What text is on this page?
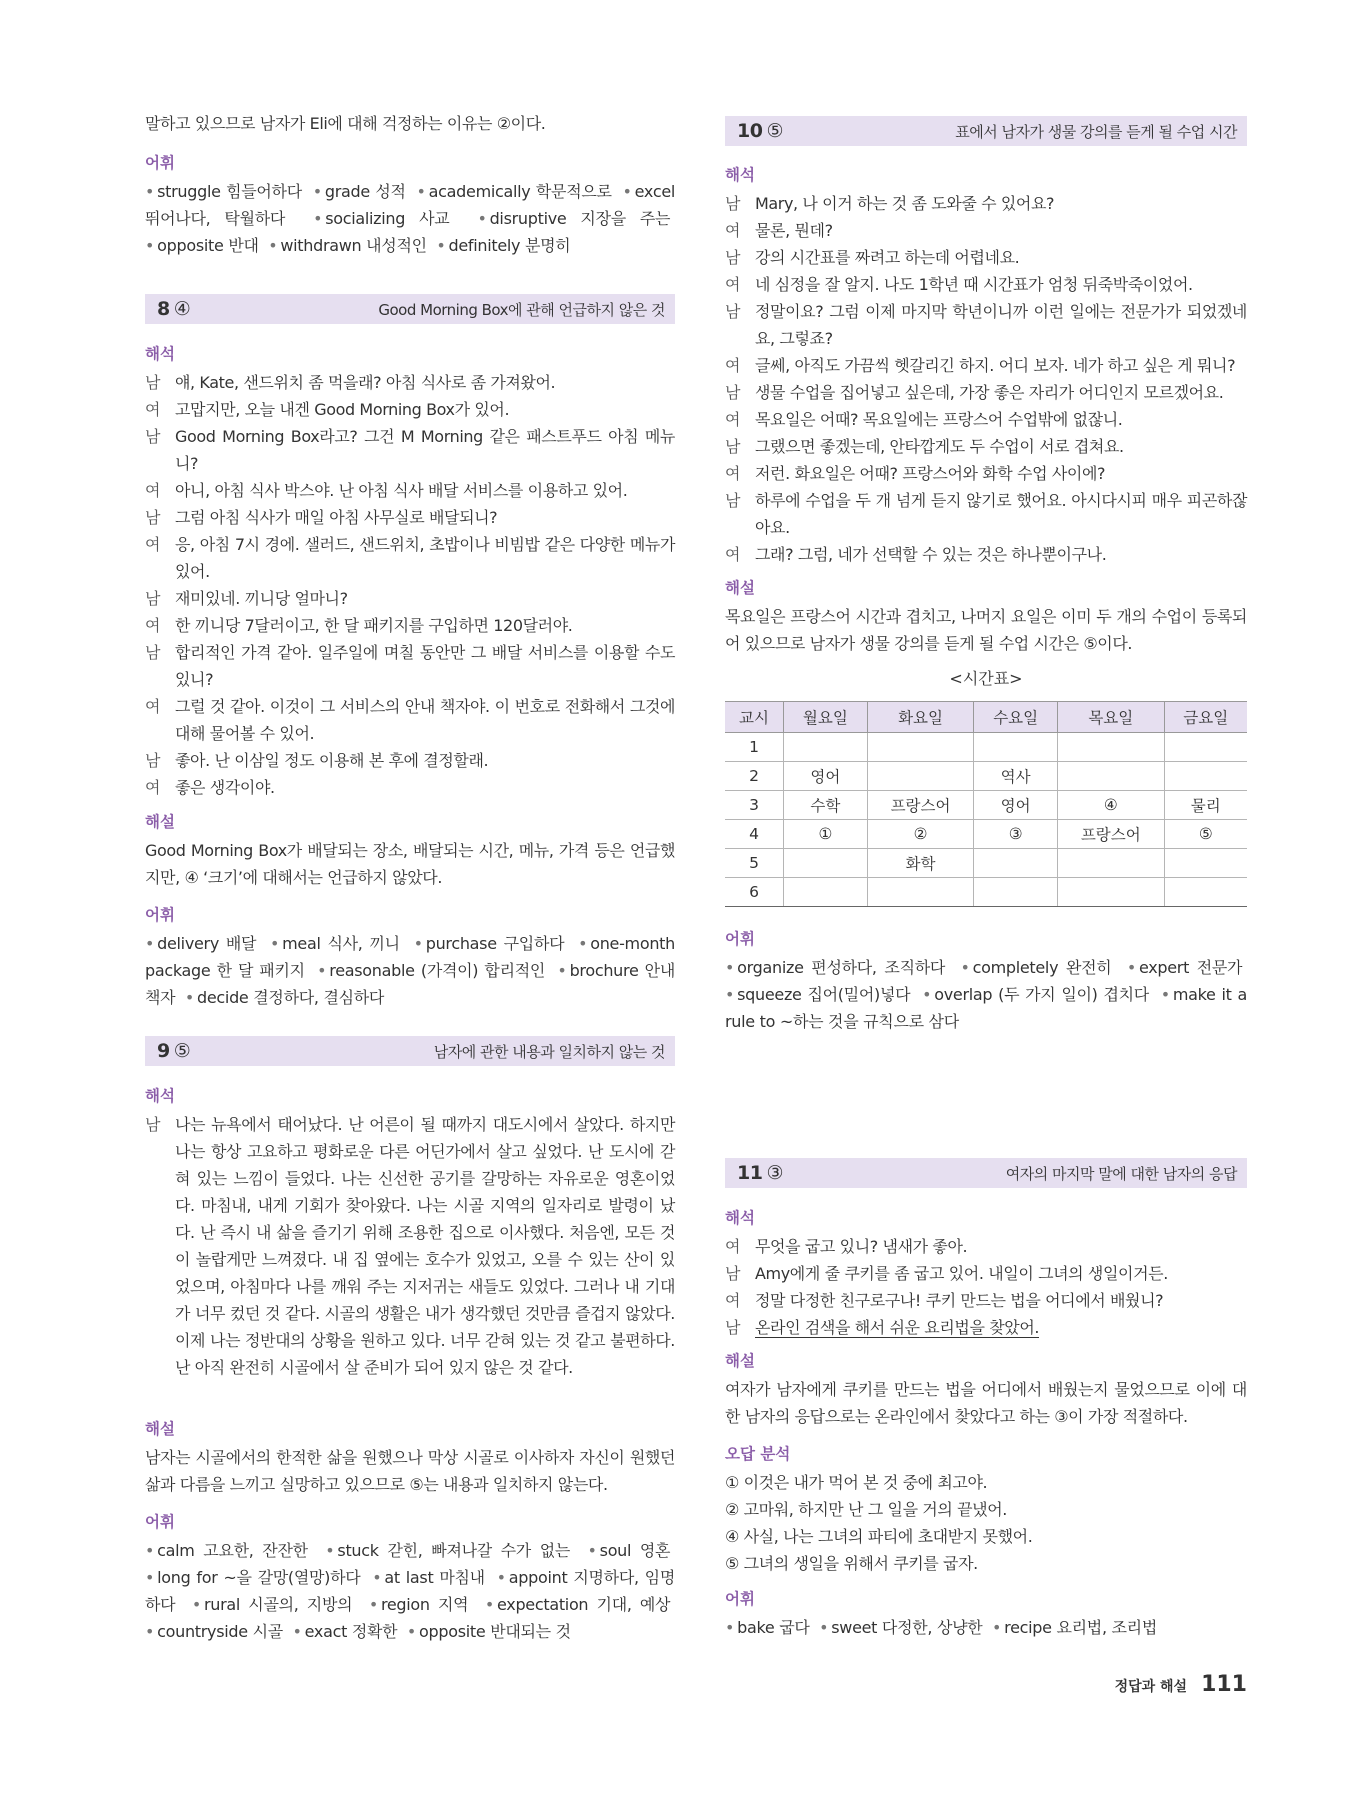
말하고 있으므로 남자가 Eli에 대해 걱정하는 이유는 ②이다.

어휘

• struggle 힘들어하다 • grade 성적 • academically 학문적으로 • excel 뛰어나다, 탁월하다	• socializing 사교	• disruptive 지장을 주는  • opposite 반대 • withdrawn 내성적인 • definitely 분명히

8 ④	Good Morning Box에 관해 언급하지 않은 것

해석

남 얘, Kate, 샌드위치 좀 먹을래? 아침 식사로 좀 가져왔어.
여 고맙지만, 오늘 내겐 Good Morning Box가 있어.
남 Good Morning Box라고? 그건 M Morning 같은 패스트푸드 아침 메뉴니?
여 아니, 아침 식사 박스야. 난 아침 식사 배달 서비스를 이용하고 있어.
남 그럼 아침 식사가 매일 아침 사무실로 배달되니?
여 응, 아침 7시 경에. 샐러드, 샌드위치, 초밥이나 비빔밥 같은 다양한 메뉴가 있어.
남 재미있네. 끼니당 얼마니?
여 한 끼니당 7달러이고, 한 달 패키지를 구입하면 120달러야.
남 합리적인 가격 같아. 일주일에 며칠 동안만 그 배달 서비스를 이용할 수도 있니?
여 그럴 것 같아. 이것이 그 서비스의 안내 책자야. 이 번호로 전화해서 그것에 대해 물어볼 수 있어.
남 좋아. 난 이삼일 정도 이용해 본 후에 결정할래.
여 좋은 생각이야.

해설

Good Morning Box가 배달되는 장소, 배달되는 시간, 메뉴, 가격 등은 언급했지만, ④ ‘크기’에 대해서는 언급하지 않았다.

어휘

• delivery 배달 • meal 식사, 끼니 • purchase 구입하다 • one-month package 한 달 패키지 • reasonable (가격이) 합리적인 • brochure 안내 책자 • decide 결정하다, 결심하다

9 ⑤	남자에 관한 내용과 일치하지 않는 것

해석

남 나는 뉴욕에서 태어났다. 난 어른이 될 때까지 대도시에서 살았다. 하지만 나는 항상 고요하고 평화로운 다른 어딘가에서 살고 싶었다. 난 도시에 갇혀 있는 느낌이 들었다. 나는 신선한 공기를 갈망하는 자유로운 영혼이었다. 마침내, 내게 기회가 찾아왔다. 나는 시골 지역의 일자리로 발령이 났다. 난 즉시 내 삶을 즐기기 위해 조용한 집으로 이사했다. 처음엔, 모든 것이 놀랍게만 느껴졌다. 내 집 옆에는 호수가 있었고, 오를 수 있는 산이 있었으며, 아침마다 나를 깨워 주는 지저귀는 새들도 있었다. 그러나 내 기대가 너무 컸던 것 같다. 시골의 생활은 내가 생각했던 것만큼 즐겁지 않았다. 이제 나는 정반대의 상황을 원하고 있다. 너무 갇혀 있는 것 같고 불편하다. 난 아직 완전히 시골에서 살 준비가 되어 있지 않은 것 같다.

해설

남자는 시골에서의 한적한 삶을 원했으나 막상 시골로 이사하자 자신이 원했던 삶과 다름을 느끼고 실망하고 있으므로 ⑤는 내용과 일치하지 않는다.

어휘

• calm 고요한, 잔잔한 • stuck 갇힌, 빠져나갈 수가 없는 • soul 영혼  • long for ~을 갈망(열망)하다 • at last 마침내 • appoint 지명하다, 임명하다 • rural 시골의, 지방의 • region 지역 • expectation 기대, 예상  • countryside 시골 • exact 정확한 • opposite 반대되는 것

10 ⑤	표에서 남자가 생물 강의를 듣게 될 수업 시간

해석

남 Mary, 나 이거 하는 것 좀 도와줄 수 있어요?
여 물론, 뭔데?
남 강의 시간표를 짜려고 하는데 어렵네요.
여 네 심정을 잘 알지. 나도 1학년 때 시간표가 엄청 뒤죽박죽이었어.
남 정말이요? 그럼 이제 마지막 학년이니까 이런 일에는 전문가가 되었겠네요, 그렇죠?
여 글쎄, 아직도 가끔씩 헷갈리긴 하지. 어디 보자. 네가 하고 싶은 게 뭐니?
남 생물 수업을 집어넣고 싶은데, 가장 좋은 자리가 어디인지 모르겠어요.
여 목요일은 어때? 목요일에는 프랑스어 수업밖에 없잖니.
남 그랬으면 좋겠는데, 안타깝게도 두 수업이 서로 겹쳐요.
여 저런. 화요일은 어때? 프랑스어와 화학 수업 사이에?
남 하루에 수업을 두 개 넘게 듣지 않기로 했어요. 아시다시피 매우 피곤하잖아요.
여 그래? 그럼, 네가 선택할 수 있는 것은 하나뿐이구나.

해설

목요일은 프랑스어 시간과 겹치고, 나머지 요일은 이미 두 개의 수업이 등록되어 있으므로 남자가 생물 강의를 듣게 될 수업 시간은 ⑤이다.

<시간표>

교시	월요일	화요일	수요일	목요일	금요일
1					
2	영어		역사		
3	수학	프랑스어	영어	④	물리
4	①	②	③	프랑스어	⑤
5		화학			
6					

어휘

• organize 편성하다, 조직하다 • completely 완전히 • expert 전문가  • squeeze 집어(밀어)넣다 • overlap (두 가지 일이) 겹치다 • make it a rule to ~하는 것을 규칙으로 삼다

11 ③	여자의 마지막 말에 대한 남자의 응답

해석

여 무엇을 굽고 있니? 냄새가 좋아.
남 Amy에게 줄 쿠키를 좀 굽고 있어. 내일이 그녀의 생일이거든.
여 정말 다정한 친구로구나! 쿠키 만드는 법을 어디에서 배웠니?
남 온라인 검색을 해서 쉬운 요리법을 찾았어.

해설

여자가 남자에게 쿠키를 만드는 법을 어디에서 배웠는지 물었으므로 이에 대한 남자의 응답으로는 온라인에서 찾았다고 하는 ③이 가장 적절하다.

오답 분석

① 이것은 내가 먹어 본 것 중에 최고야.

② 고마워, 하지만 난 그 일을 거의 끝냈어.

④ 사실, 나는 그녀의 파티에 초대받지 못했어.

⑤ 그녀의 생일을 위해서 쿠키를 굽자.

어휘

• bake 굽다 • sweet 다정한, 상냥한 • recipe 요리법, 조리법

정답과 해설 111
